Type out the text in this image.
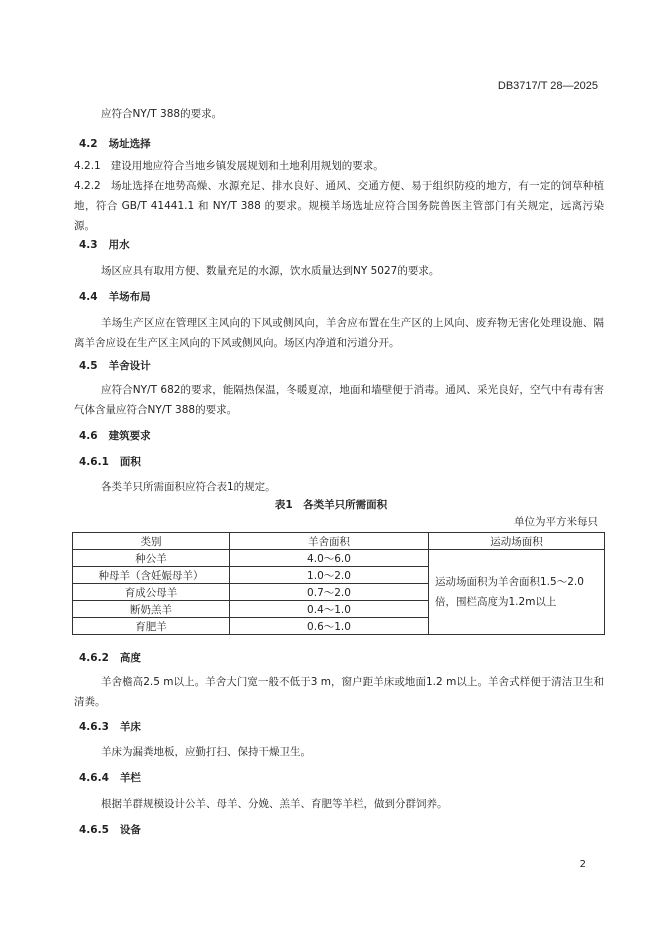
DB3717/T 28—2025
应符合NY/T 388的要求。
4.2 场址选择
4.2.1 建设用地应符合当地乡镇发展规划和土地利用规划的要求。
4.2.2 场址选择在地势高燥、水源充足、排水良好、通风、交通方便、易于组织防疫的地方，有一定的饲草种植地，符合 GB/T 41441.1 和 NY/T 388 的要求。规模羊场选址应符合国务院兽医主管部门有关规定，远离污染源。
4.3 用水
场区应具有取用方便、数量充足的水源，饮水质量达到NY 5027的要求。
4.4 羊场布局
羊场生产区应在管理区主风向的下风或侧风向，羊舍应布置在生产区的上风向、废弃物无害化处理设施、隔离羊舍应设在生产区主风向的下风或侧风向。场区内净道和污道分开。
4.5 羊舍设计
应符合NY/T 682的要求，能隔热保温，冬暖夏凉，地面和墙壁便于消毒。通风、采光良好，空气中有毒有害气体含量应符合NY/T 388的要求。
4.6 建筑要求
4.6.1 面积
各类羊只所需面积应符合表1的规定。
表1　各类羊只所需面积
单位为平方米每只
类别	羊舍面积	运动场面积
种公羊	4.0～6.0	运动场面积为羊舍面积1.5～2.0倍，围栏高度为1.2m以上
种母羊（含妊娠母羊）	1.0～2.0	
育成公母羊	0.7～2.0	
断奶羔羊	0.4～1.0	
育肥羊	0.6～1.0	
4.6.2 高度
羊舍檐高2.5 m以上。羊舍大门宽一般不低于3 m，窗户距羊床或地面1.2 m以上。羊舍式样便于清洁卫生和清粪。
4.6.3 羊床
羊床为漏粪地板，应勤打扫、保持干燥卫生。
4.6.4 羊栏
根据羊群规模设计公羊、母羊、分娩、羔羊、育肥等羊栏，做到分群饲养。
4.6.5 设备
2
